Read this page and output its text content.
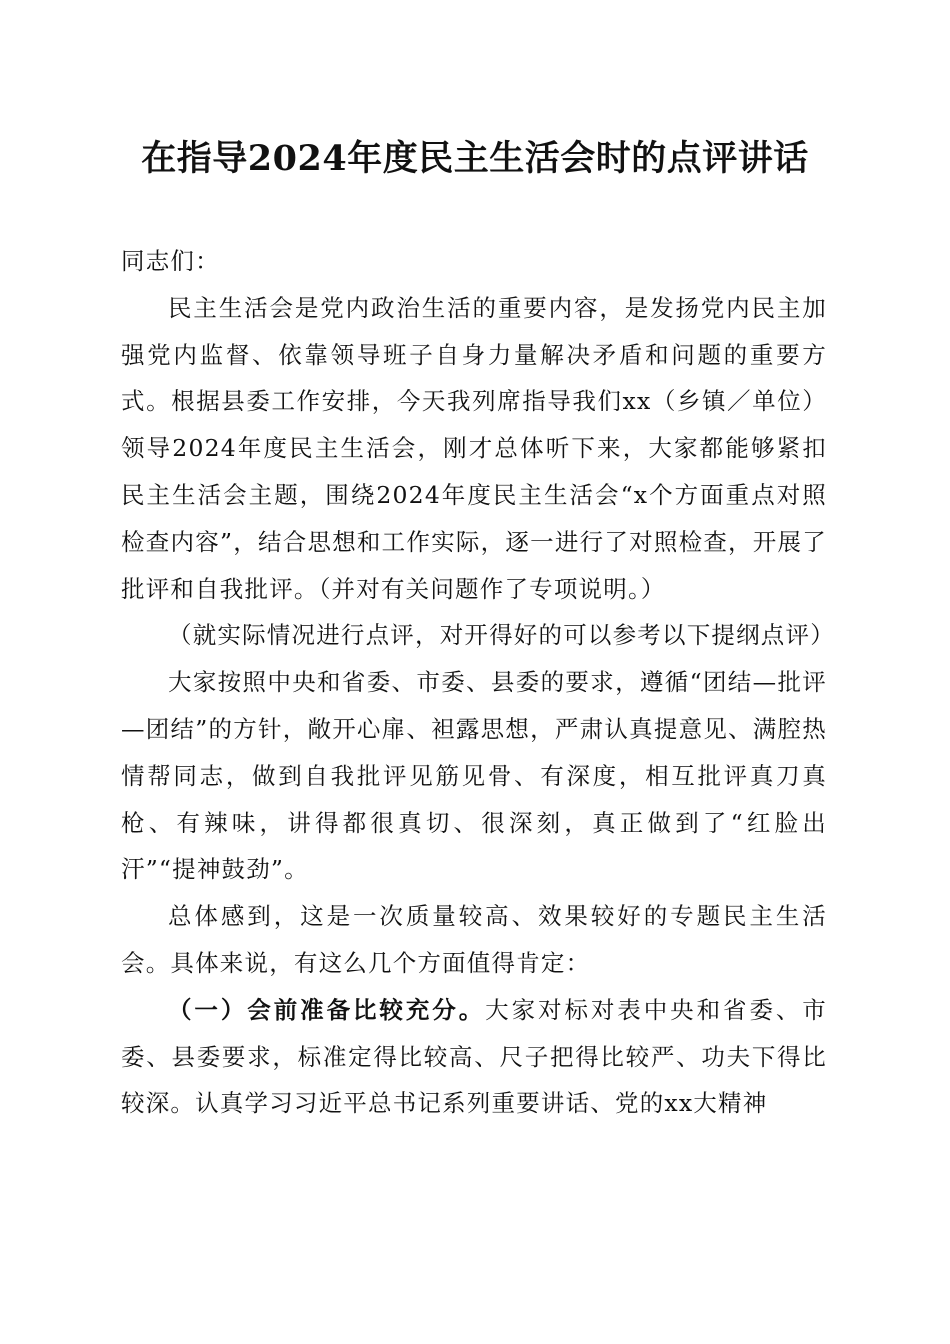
在指导2024年度民主生活会时的点评讲话

同志们：

民主生活会是党内政治生活的重要内容，是发扬党内民主加强党内监督、依靠领导班子自身力量解决矛盾和问题的重要方式。根据县委工作安排，今天我列席指导我们xx（乡镇／单位）领导2024年度民主生活会，刚才总体听下来，大家都能够紧扣民主生活会主题，围绕2024年度民主生活会“x个方面重点对照检查内容”，结合思想和工作实际，逐一进行了对照检查，开展了批评和自我批评。（并对有关问题作了专项说明。）

（就实际情况进行点评，对开得好的可以参考以下提纲点评）

大家按照中央和省委、市委、县委的要求，遵循“团结—批评—团结”的方针，敞开心扉、袒露思想，严肃认真提意见、满腔热情帮同志，做到自我批评见筋见骨、有深度，相互批评真刀真枪、有辣味，讲得都很真切、很深刻，真正做到了“红脸出汗”“提神鼓劲”。

总体感到，这是一次质量较高、效果较好的专题民主生活会。具体来说，有这么几个方面值得肯定：

（一）会前准备比较充分。大家对标对表中央和省委、市委、县委要求，标准定得比较高、尺子把得比较严、功夫下得比较深。认真学习习近平总书记系列重要讲话、党的xx大精神
